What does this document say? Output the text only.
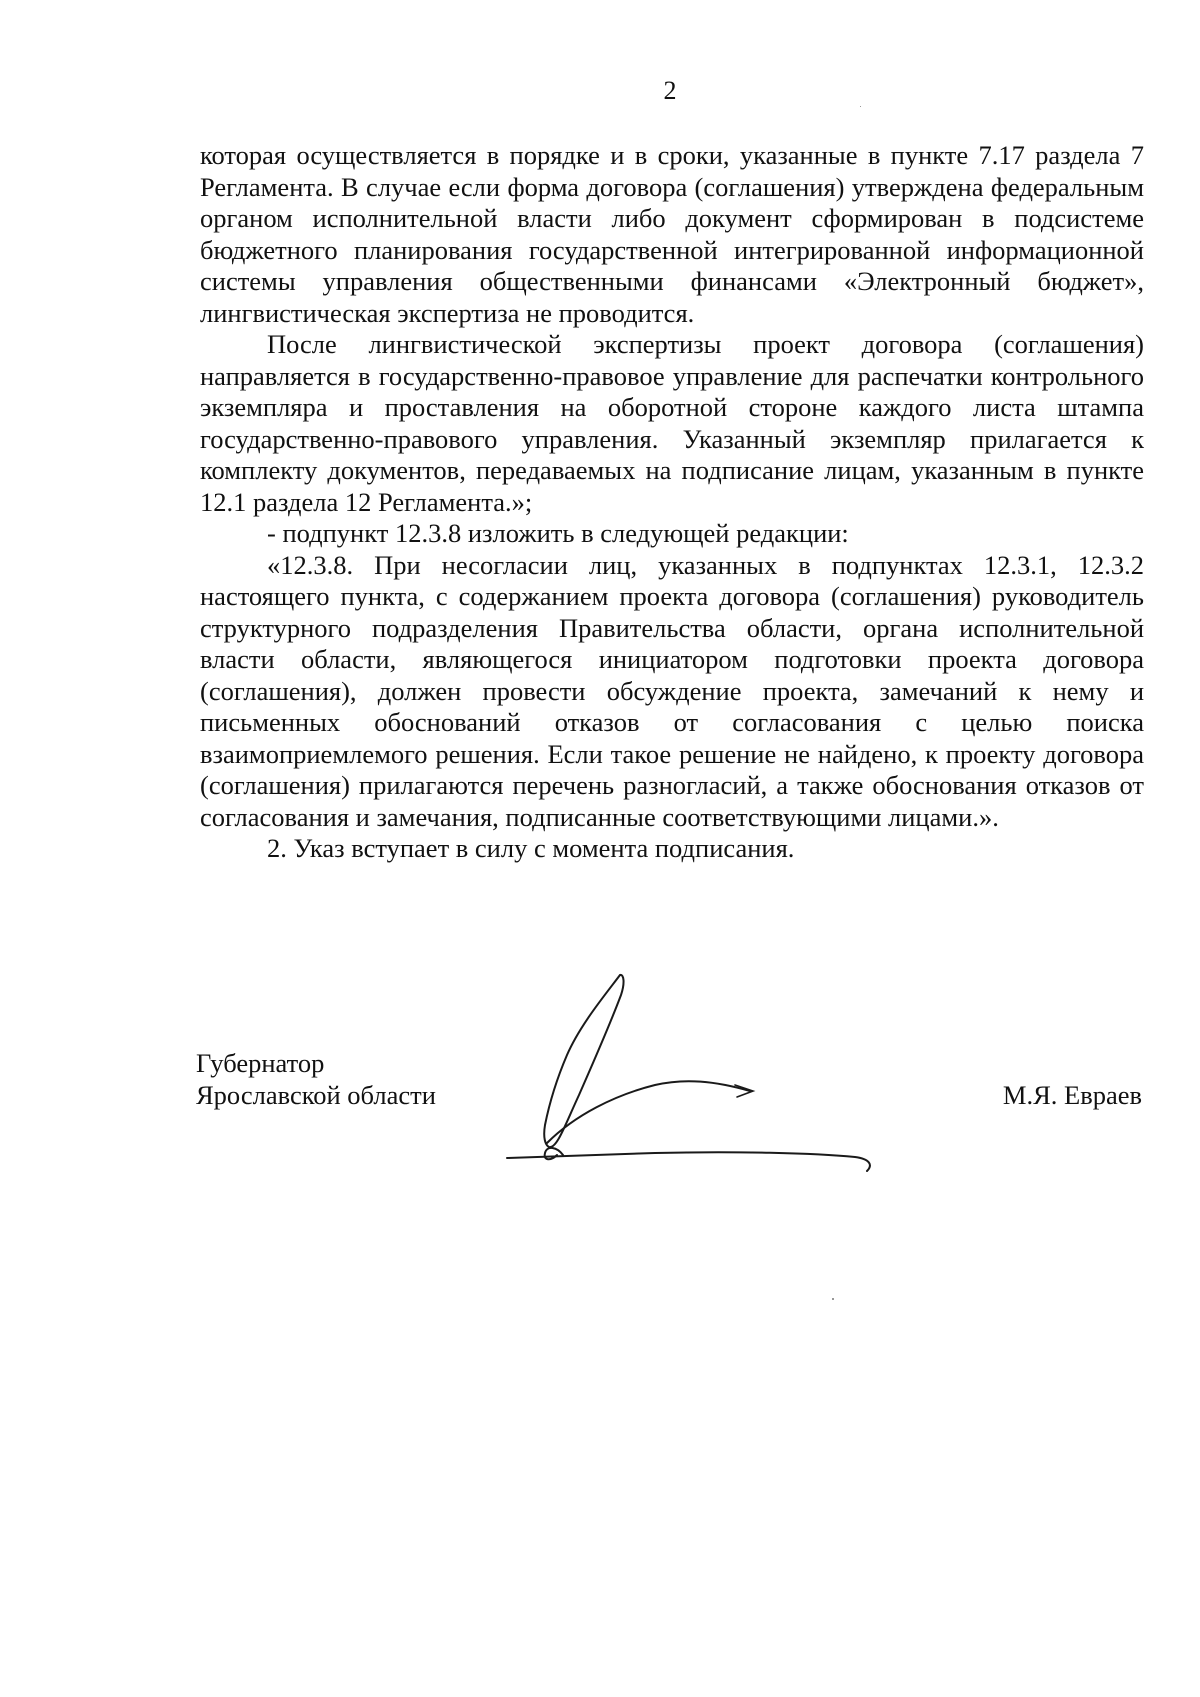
2

которая осуществляется в порядке и в сроки, указанные в пункте 7.17 раздела 7 Регламента. В случае если форма договора (соглашения) утверждена федеральным органом исполнительной власти либо документ сформирован в подсистеме бюджетного планирования государственной интегрированной информационной системы управления общественными финансами «Электронный бюджет», лингвистическая экспертиза не проводится.

После лингвистической экспертизы проект договора (соглашения) направляется в государственно-правовое управление для распечатки контрольного экземпляра и проставления на оборотной стороне каждого листа штампа государственно-правового управления. Указанный экземпляр прилагается к комплекту документов, передаваемых на подписание лицам, указанным в пункте 12.1 раздела 12 Регламента.»;

- подпункт 12.3.8 изложить в следующей редакции:

«12.3.8. При несогласии лиц, указанных в подпунктах 12.3.1, 12.3.2 настоящего пункта, с содержанием проекта договора (соглашения) руководитель структурного подразделения Правительства области, органа исполнительной власти области, являющегося инициатором подготовки проекта договора (соглашения), должен провести обсуждение проекта, замечаний к нему и письменных обоснований отказов от согласования с целью поиска взаимоприемлемого решения. Если такое решение не найдено, к проекту договора (соглашения) прилагаются перечень разногласий, а также обоснования отказов от согласования и замечания, подписанные соответствующими лицами.».

2. Указ вступает в силу с момента подписания.

Губернатор
Ярославской области	М.Я. Евраев
